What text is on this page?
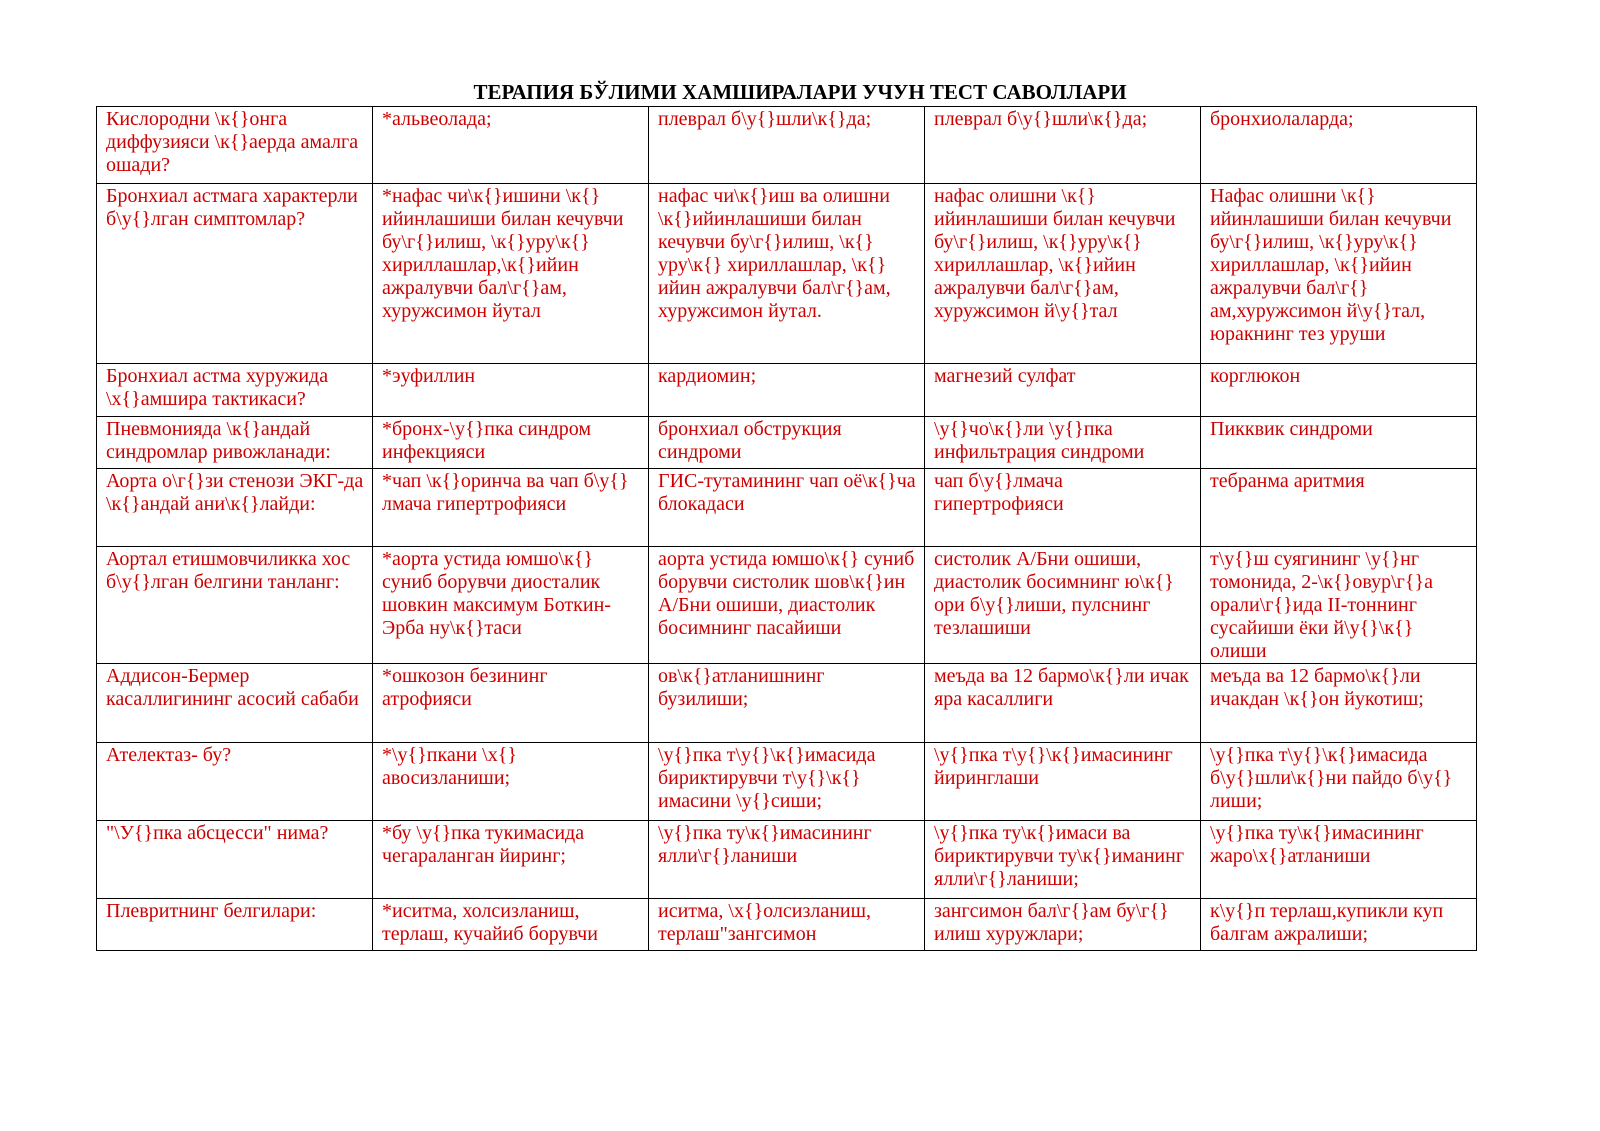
ТЕРАПИЯ БЎЛИМИ ХАМШИРАЛАРИ УЧУН ТЕСТ САВОЛЛАРИ
Кислородни \к{}онга диффузияси \к{}аерда амалга ошади?	*альвеолада;	плеврал б\у{}шли\к{}да;	плеврал б\у{}шли\к{}да;	бронхиолаларда;
Бронхиал астмага характерли б\у{}лган симптомлар?	*нафас чи\к{}ишини \к{}ийинлашиши билан кечувчи бу\г{}илиш, \к{}уру\к{} хириллашлар,\к{}ийин ажралувчи бал\г{}ам, хуружсимон йутал	нафас чи\к{}иш ва олишни \к{}ийинлашиши билан кечувчи бу\г{}илиш, \к{}уру\к{} хириллашлар, \к{}ийин ажралувчи бал\г{}ам, хуружсимон йутал.	нафас олишни \к{}ийинлашиши билан кечувчи бу\г{}илиш, \к{}уру\к{} хириллашлар, \к{}ийин ажралувчи бал\г{}ам, хуружсимон й\у{}тал	Нафас олишни \к{}ийинлашиши билан кечувчи бу\г{}илиш, \к{}уру\к{} хириллашлар, \к{}ийин ажралувчи бал\г{}ам,хуружсимон й\у{}тал, юракнинг тез уруши
Бронхиал астма хуружида \х{}амшира тактикаси?	*эуфиллин	кардиомин;	магнезий сулфат	корглюкон
Пневмонияда \к{}андай синдромлар ривожланади:	*бронх-\у{}пка синдром инфекцияси	бронхиал обструкция синдроми	\у{}чо\к{}ли \у{}пка инфильтрация синдроми	Пикквик синдроми
Аорта о\г{}зи стенози ЭКГ-да \к{}андай ани\к{}лайди:	*чап \к{}оринча ва чап б\у{}лмача гипертрофияси	ГИС-тутамининг чап оё\к{}ча блокадаси	чап б\у{}лмача гипертрофияси	тебранма аритмия
Аортал етишмовчиликка хос б\у{}лган белгини танланг:	*аорта устида юмшо\к{} суниб борувчи диосталик шовкин максимум Боткин-Эрба ну\к{}таси	аорта устида юмшо\к{} суниб борувчи систолик шов\к{}ин А/Бни ошиши, диастолик босимнинг пасайиши	систолик А/Бни ошиши, диастолик босимнинг ю\к{}ори б\у{}лиши, пулснинг тезлашиши	т\у{}ш суягининг \у{}нг томонида, 2-\к{}овур\г{}а орали\г{}ида II-тоннинг сусайиши ёки й\у{}\к{}олиши
Аддисон-Бермер касаллигининг асосий сабаби	*ошкозон безининг атрофияси	ов\к{}атланишнинг бузилиши;	меъда ва 12 бармо\к{}ли ичак яра касаллиги	меъда ва 12 бармо\к{}ли ичакдан \к{}он йукотиш;
Ателектаз- бу?	*\у{}пкани \х{}авосизланиши;	\у{}пка т\у{}\к{}имасида бириктирувчи т\у{}\к{}имасини \у{}сиши;	\у{}пка т\у{}\к{}имасининг йиринглаши	\у{}пка т\у{}\к{}имасида б\у{}шли\к{}ни пайдо б\у{}лиши;
"\У{}пка абсцесси" нима?	*бу \у{}пка тукимасида чегараланган йиринг;	\у{}пка ту\к{}имасининг ялли\г{}ланиши	\у{}пка ту\к{}имаси ва бириктирувчи ту\к{}иманинг ялли\г{}ланиши;	\у{}пка ту\к{}имасининг жаро\х{}атланиши
Плевритнинг белгилари:	*иситма, холсизланиш, терлаш, кучайиб борувчи	иситма, \х{}олсизланиш, терлаш"зангсимон	зангсимон бал\г{}ам бу\г{}илиш хуружлари;	к\у{}п терлаш,купикли куп балгам ажралиши;
